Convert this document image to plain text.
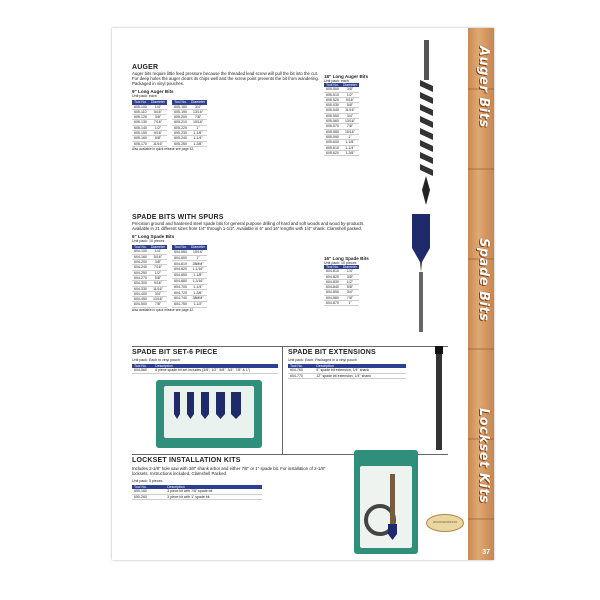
Auger Bits
Spade Bits
Lockset Kits
37
WOODWORKING
AUGER
Auger bits require little feed pressure because the threaded lead screw will pull the bit into the cut. For deep holes the auger clears its chips well and the screw point prevents the bit from wandering. Packaged in vinyl pouches.
9" Long Auger Bits
Unit pack: each
Tool No.	Diameter
605-100	1/4"
605-110	5/16"
605-120	3/8"
605-130	7/16"
605-140	1/2"
605-150	9/16"
605-160	5/8"
605-170	11/16"
Tool No.	Diameter
605-180	3/4"
605-190	13/16"
605-200	7/8"
605-210	15/16"
605-220	1"
605-230	1-1/8"
605-240	1-1/4"
605-250	1-3/8"
Also available in quick release see page 42.
18" Long Auger Bits
Unit pack: each
Tool No.	Diameter
605-500	3/8"
605-510	1/2"
605-520	9/16"
605-530	5/8"
605-540	11/16"
605-550	3/4"
605-560	13/16"
605-570	7/8"
605-580	15/16"
605-590	1"
605-600	1-1/8"
605-610	1-1/4"
605-620	1-3/8"
SPADE BITS WITH SPURS
Precision ground and hardened steel spade bits for general purpose drilling of hard and soft woods and wood by-products. Available in 21 different sizes from 1/4" through 1-1/2". Available in 6" and 16" lengths with 1/4" shank. Clamshell packed.
6" Long Spade Bits
Unit pack: 10 pieces
Tool No.	Diameter
604-100	1/4"
604-160	5/16"
604-200	3/8"
604-240	7/16"
604-250	1/2"
604-270	5/8"
604-300	9/16"
604-330	11/16"
604-400	3/4"
604-450	13/16"
604-500	7/8"
Tool No.	Diameter
604-550	15/16"
604-600	1"
604-610	28MM"
604-620	1-1/16"
604-650	1-1/8"
604-680	1-3/16"
604-700	1-1/4"
604-720	1-3/8"
604-740	38MM"
604-750	1-1/2"
Also available in quick release see page 42.
16" Long Spade Bits
Unit pack: 10 pieces
Tool No.	Diameter
604-810	1/4"
604-820	3/8"
604-830	1/2"
604-840	5/8"
604-850	3/4"
604-860	7/8"
604-870	1"
SPADE BIT SET-6 PIECE
Unit pack: Each in vinyl pouch
Tool No.	Description
604-860	6 piece spade bit set includes (3/8", 1/2", 5/8", 3/4", 7/8" & 1")
SPADE BIT EXTENSIONS
Unit pack: Each. Packaged in a vinyl pouch
Tool No.	Description
604-760	6" spade bit extension, 1/4" shank
604-770	12" spade bit extension, 1/4" shank
LOCKSET INSTALLATION KITS
Includes 2-1/8" hole saw with 3/8" shank arbor and either 7/8" or 1" spade bit. For installation of 2-1/8" locksets. Instructions included. Clamshell Packed.
Unit pack: 5 pieces
Tool No.	Description
650-160	3 piece kit with 7/8" spade bit
650-260	3 piece kit with 1" spade bit
